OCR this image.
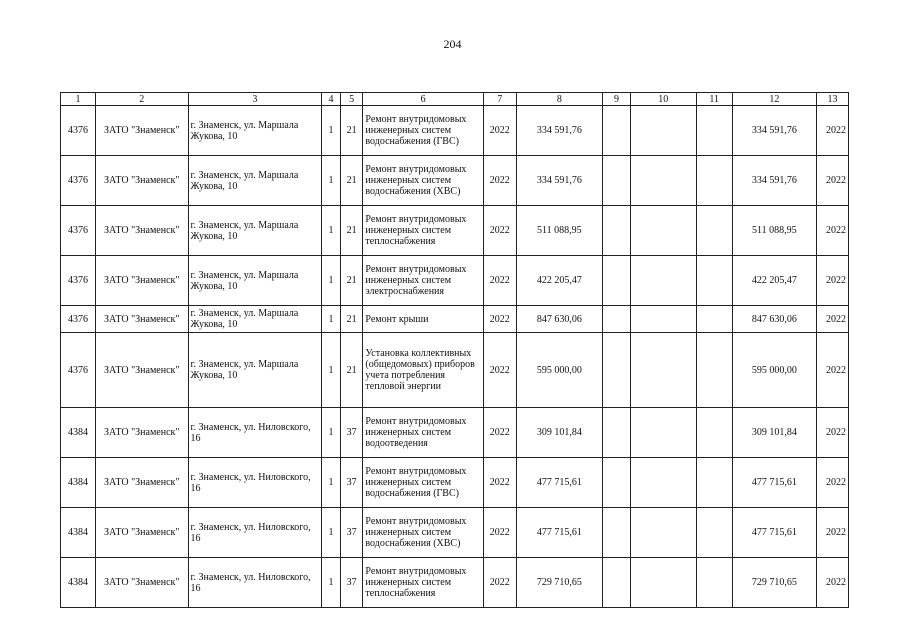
204
1	2	3	4	5	6	7	8	9	10	11	12	13
4376	ЗАТО "Знаменск"	г. Знаменск, ул. Маршала Жукова, 10	1	21	Ремонт внутридомовых инженерных систем водоснабжения (ГВС)	2022	334 591,76				334 591,76	2022
4376	ЗАТО "Знаменск"	г. Знаменск, ул. Маршала Жукова, 10	1	21	Ремонт внутридомовых инженерных систем водоснабжения (ХВС)	2022	334 591,76				334 591,76	2022
4376	ЗАТО "Знаменск"	г. Знаменск, ул. Маршала Жукова, 10	1	21	Ремонт внутридомовых инженерных систем теплоснабжения	2022	511 088,95				511 088,95	2022
4376	ЗАТО "Знаменск"	г. Знаменск, ул. Маршала Жукова, 10	1	21	Ремонт внутридомовых инженерных систем электроснабжения	2022	422 205,47				422 205,47	2022
4376	ЗАТО "Знаменск"	г. Знаменск, ул. Маршала Жукова, 10	1	21	Ремонт крыши	2022	847 630,06				847 630,06	2022
4376	ЗАТО "Знаменск"	г. Знаменск, ул. Маршала Жукова, 10	1	21	Установка коллективных (общедомовых) приборов учета потребления тепловой энергии	2022	595 000,00				595 000,00	2022
4384	ЗАТО "Знаменск"	г. Знаменск, ул. Ниловского, 16	1	37	Ремонт внутридомовых инженерных систем водоотведения	2022	309 101,84				309 101,84	2022
4384	ЗАТО "Знаменск"	г. Знаменск, ул. Ниловского, 16	1	37	Ремонт внутридомовых инженерных систем водоснабжения (ГВС)	2022	477 715,61				477 715,61	2022
4384	ЗАТО "Знаменск"	г. Знаменск, ул. Ниловского, 16	1	37	Ремонт внутридомовых инженерных систем водоснабжения (ХВС)	2022	477 715,61				477 715,61	2022
4384	ЗАТО "Знаменск"	г. Знаменск, ул. Ниловского, 16	1	37	Ремонт внутридомовых инженерных систем теплоснабжения	2022	729 710,65				729 710,65	2022
